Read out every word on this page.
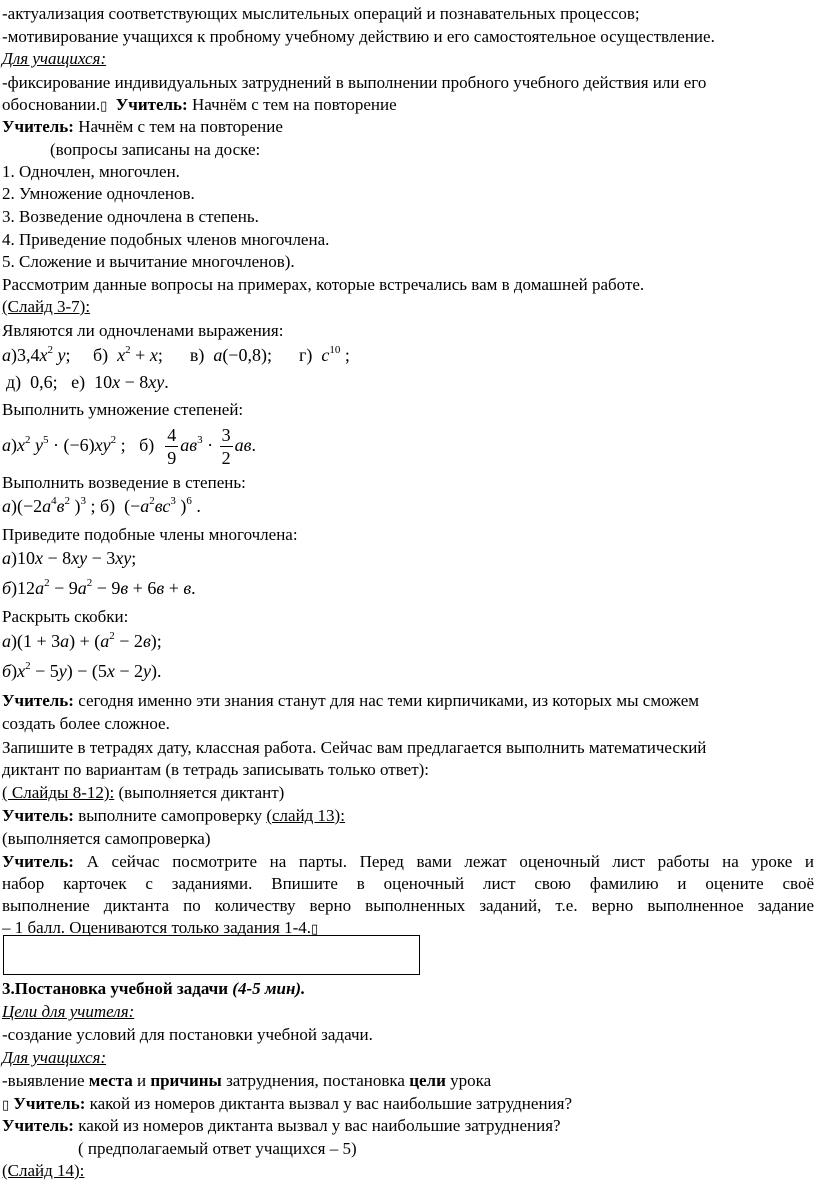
-актуализация соответствующих мыслительных операций и познавательных процессов;
-мотивирование учащихся к пробному учебному действию и его самостоятельное осуществление.
Для учащихся:
-фиксирование индивидуальных затруднений в выполнении пробного учебного действия или его
обосновании.▯ Учитель: Начнём с тем на повторение
Учитель: Начнём с тем на повторение
(вопросы записаны на доске:
1. Одночлен, многочлен.
2. Умножение одночленов.
3. Возведение одночлена в степень.
4. Приведение подобных членов многочлена.
5. Сложение и вычитание многочленов).
Рассмотрим данные вопросы на примерах, которые встречались вам в домашней работе.
(Слайд 3-7):
Являются ли одночленами выражения:
$а)3,4x^2$ y;     б)  $x^2 + x$;      в)  a(−0,8);      г)  $c^{10}$ ;
д)  0,6;   е)  10x − 8xy.
Выполнить умножение степеней:
$а)x^2$ $y^5 \cdot (-6)xy^2$ ;   $б) \frac{4}{9} ав^3 \cdot \frac{3}{2}$ ав.
Выполнить возведение в степень:
$а)(-2а^4в^2$ )$^3$ ; б)  ($-а^2вс^3$ )$^6$ .
Приведите подобные члены многочлена:
а)10x − 8xy − 3xy;
$б)12а^2 - 9а^2 - 9в + 6в + в$.
Раскрыть скобки:
$а)(1 + 3а) + (а^2 - 2в)$;
$б)x^2 - 5y) - (5x - 2y)$.
Учитель: сегодня именно эти знания станут для нас теми кирпичиками, из которых мы сможем
создать более сложное.
Запишите в тетрадях дату, классная работа. Сейчас вам предлагается выполнить математический
диктант по вариантам (в тетрадь записывать только ответ):
( Слайды 8-12): (выполняется диктант)
Учитель: выполните самопроверку (слайд 13):
(выполняется самопроверка)
Учитель: А сейчас посмотрите на парты. Перед вами лежат оценочный лист работы на уроке и
набор карточек с заданиями. Впишите в оценочный лист свою фамилию и оцените своё
выполнение диктанта по количеству верно выполненных заданий, т.е. верно выполненное задание
– 1 балл. Оцениваются только задания 1-4.▯
3.Постановка учебной задачи (4-5 мин).
Цели для учителя:
-создание условий для постановки учебной задачи.
Для учащихся:
-выявление места и причины затруднения, постановка цели урока
▯ Учитель: какой из номеров диктанта вызвал у вас наибольшие затруднения?
Учитель: какой из номеров диктанта вызвал у вас наибольшие затруднения?
( предполагаемый ответ учащихся – 5)
(Слайд 14):
